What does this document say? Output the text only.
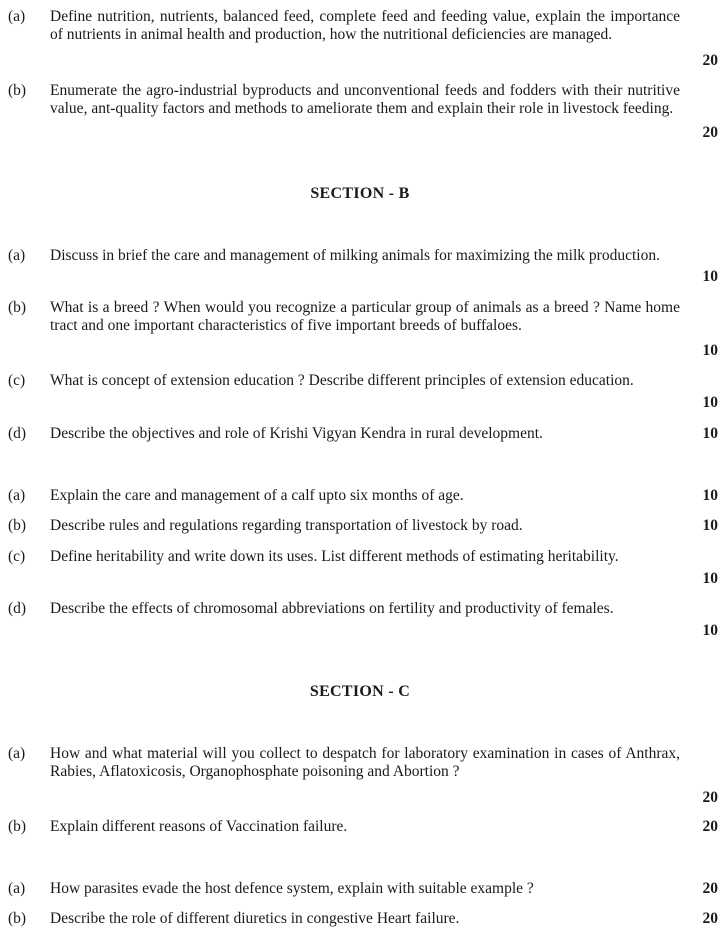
(a)	Define nutrition, nutrients, balanced feed, complete feed and feeding value, explain the importance of nutrients in animal health and production, how the nutritional deficiencies are managed.
20
(b)	Enumerate the agro-industrial byproducts and unconventional feeds and fodders with their nutritive value, ant-quality factors and methods to ameliorate them and explain their role in livestock feeding.
20
SECTION - B
(a)	Discuss in brief the care and management of milking animals for maximizing the milk production.
10
(b)	What is a breed ? When would you recognize a particular group of animals as a breed ? Name home tract and one important characteristics of five important breeds of buffaloes.
10
(c)	What is concept of extension education ? Describe different principles of extension education.
10
(d)	Describe the objectives and role of Krishi Vigyan Kendra in rural development.	10
(a)	Explain the care and management of a calf upto six months of age.	10
(b)	Describe rules and regulations regarding transportation of livestock by road.	10
(c)	Define heritability and write down its uses. List different methods of estimating heritability.
10
(d)	Describe the effects of chromosomal abbreviations on fertility and productivity of females.
10
SECTION - C
(a)	How and what material will you collect to despatch for laboratory examination in cases of Anthrax, Rabies, Aflatoxicosis, Organophosphate poisoning and Abortion ?
20
(b)	Explain different reasons of Vaccination failure.	20
(a)	How parasites evade the host defence system, explain with suitable example ?	20
(b)	Describe the role of different diuretics in congestive Heart failure.	20
